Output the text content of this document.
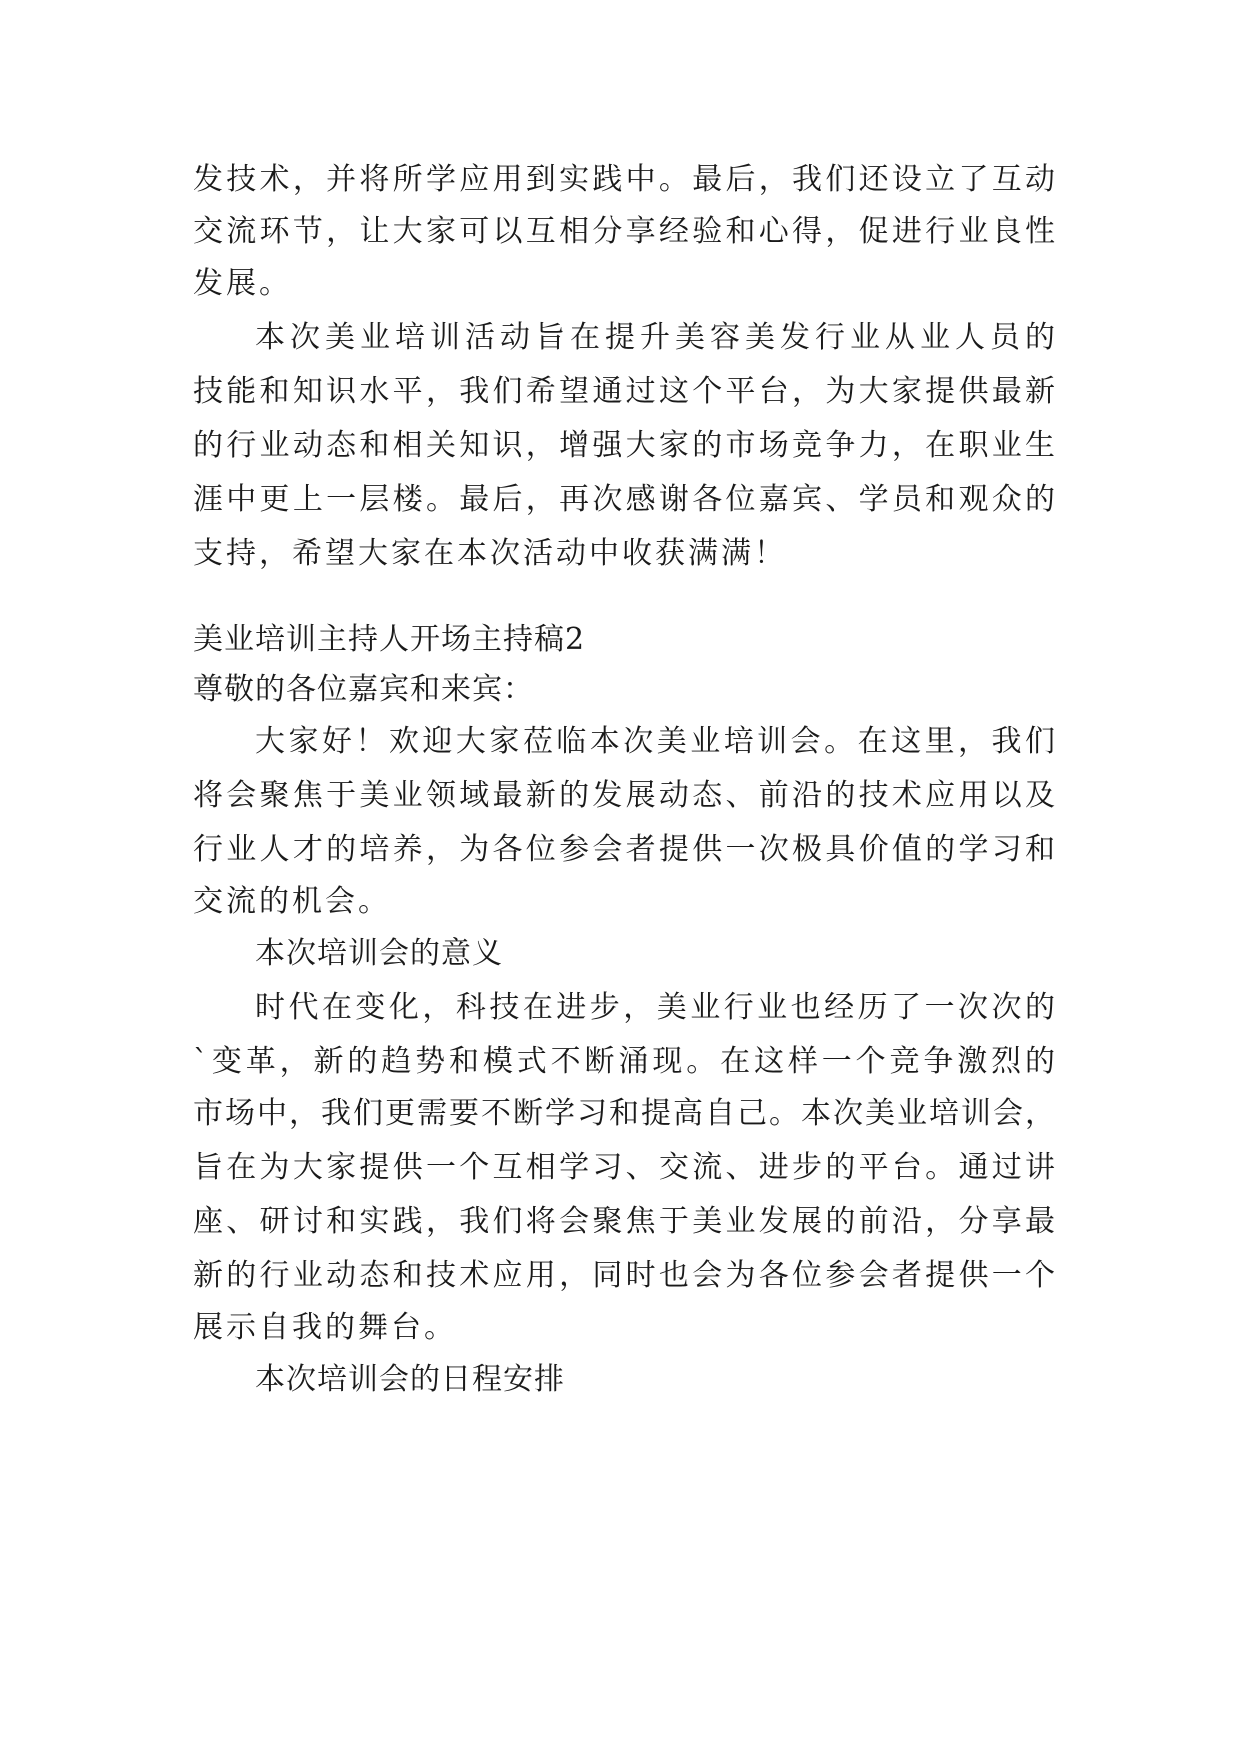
发技术，并将所学应用到实践中。最后，我们还设立了互动
交流环节，让大家可以互相分享经验和心得，促进行业良性
发展。
本次美业培训活动旨在提升美容美发行业从业人员的
技能和知识水平，我们希望通过这个平台，为大家提供最新
的行业动态和相关知识，增强大家的市场竞争力，在职业生
涯中更上一层楼。最后，再次感谢各位嘉宾、学员和观众的
支持，希望大家在本次活动中收获满满！
美业培训主持人开场主持稿2
尊敬的各位嘉宾和来宾：
大家好！欢迎大家莅临本次美业培训会。在这里，我们
将会聚焦于美业领域最新的发展动态、前沿的技术应用以及
行业人才的培养，为各位参会者提供一次极具价值的学习和
交流的机会。
本次培训会的意义
时代在变化，科技在进步，美业行业也经历了一次次的
`变革，新的趋势和模式不断涌现。在这样一个竞争激烈的
市场中，我们更需要不断学习和提高自己。本次美业培训会，
旨在为大家提供一个互相学习、交流、进步的平台。通过讲
座、研讨和实践，我们将会聚焦于美业发展的前沿，分享最
新的行业动态和技术应用，同时也会为各位参会者提供一个
展示自我的舞台。
本次培训会的日程安排
